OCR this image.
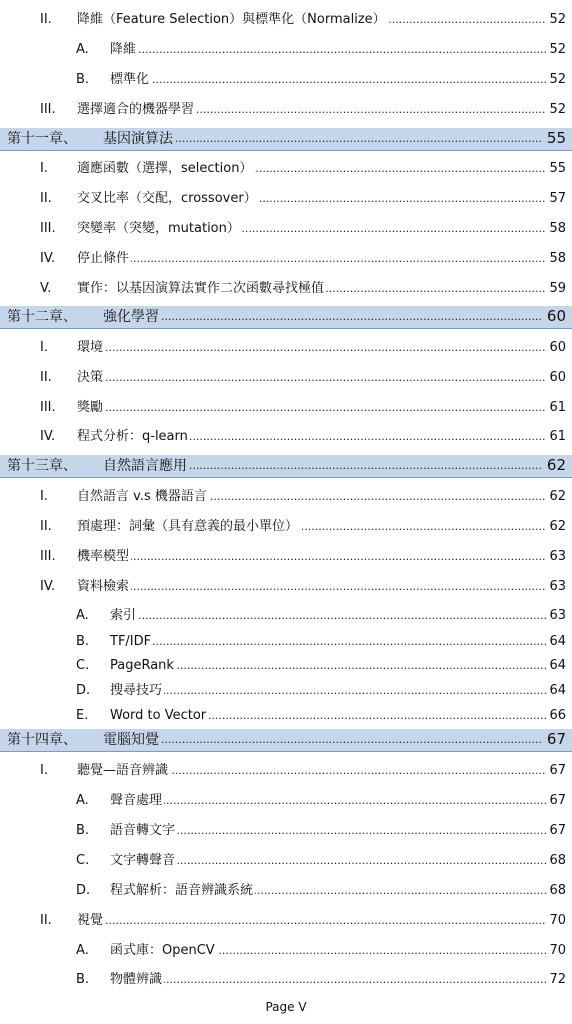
II. ..... 降維（Feature Selection）與標準化（Normalize）	52
A. ..... 降維	52
B. ..... 標準化	52
III. ..... 選擇適合的機器學習	52
.....
第十一章、 基因演算法	55
I. ..... 適應函數（選擇，selection）	55
II. ..... 交叉比率（交配，crossover）	57
III. ..... 突變率（突變，mutation）	58
IV. ..... 停止條件	58
V. ..... 實作：以基因演算法實作二次函數尋找極值	59
.....
第十二章、 強化學習	60
I. ..... 環境	60
II. ..... 決策	60
III. ..... 獎勵	61
IV. ..... 程式分析：q-learn	61
.....
第十三章、 自然語言應用	62
I. ..... 自然語言 v.s 機器語言	62
II. ..... 預處理：詞彙（具有意義的最小單位）	62
III. ..... 機率模型	63
IV. ..... 資料檢索	63
A. ..... 索引	63
B. ..... TF/IDF	64
C. ..... PageRank	64
D. ..... 搜尋技巧	64
E. ..... Word to Vector	66
.....
第十四章、 電腦知覺	67
I. ..... 聽覺—語音辨識	67
A. ..... 聲音處理	67
B. ..... 語音轉文字	67
C. ..... 文字轉聲音	68
D. ..... 程式解析：語音辨識系統	68
II. ..... 視覺	70
A. ..... 函式庫：OpenCV	70
B. ..... 物體辨識	72
Page V
